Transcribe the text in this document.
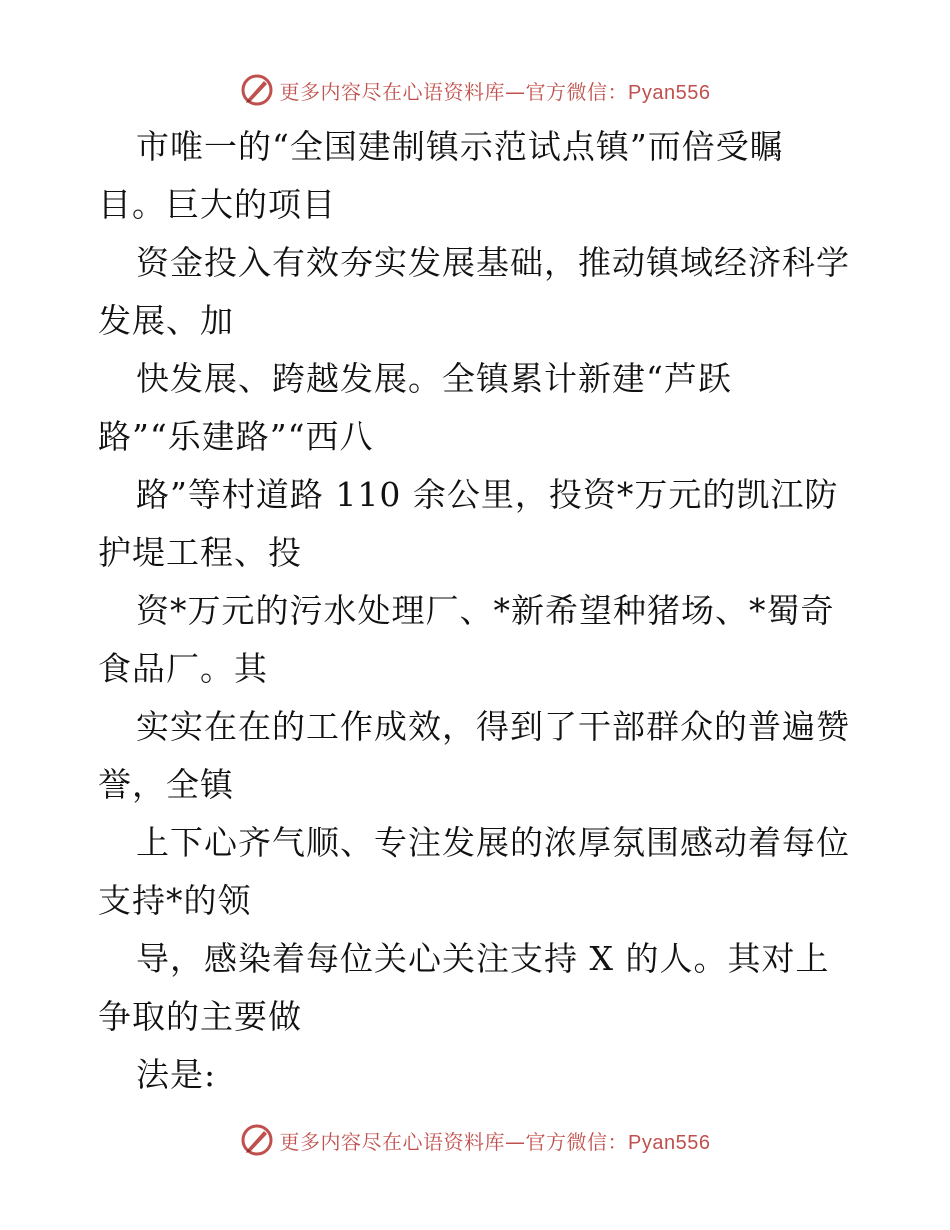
更多内容尽在心语资料库—官方微信：Pyan556
市唯一的“全国建制镇示范试点镇”而倍受瞩
目。巨大的项目
资金投入有效夯实发展基础，推动镇域经济科学
发展、加
快发展、跨越发展。全镇累计新建“芦跃
路”“乐建路”“西八
路”等村道路 110 余公里，投资*万元的凯江防
护堤工程、投
资*万元的污水处理厂、*新希望种猪场、*蜀奇
食品厂。其
实实在在的工作成效，得到了干部群众的普遍赞
誉，全镇
上下心齐气顺、专注发展的浓厚氛围感动着每位
支持*的领
导，感染着每位关心关注支持 X 的人。其对上
争取的主要做
法是:
更多内容尽在心语资料库—官方微信：Pyan556
